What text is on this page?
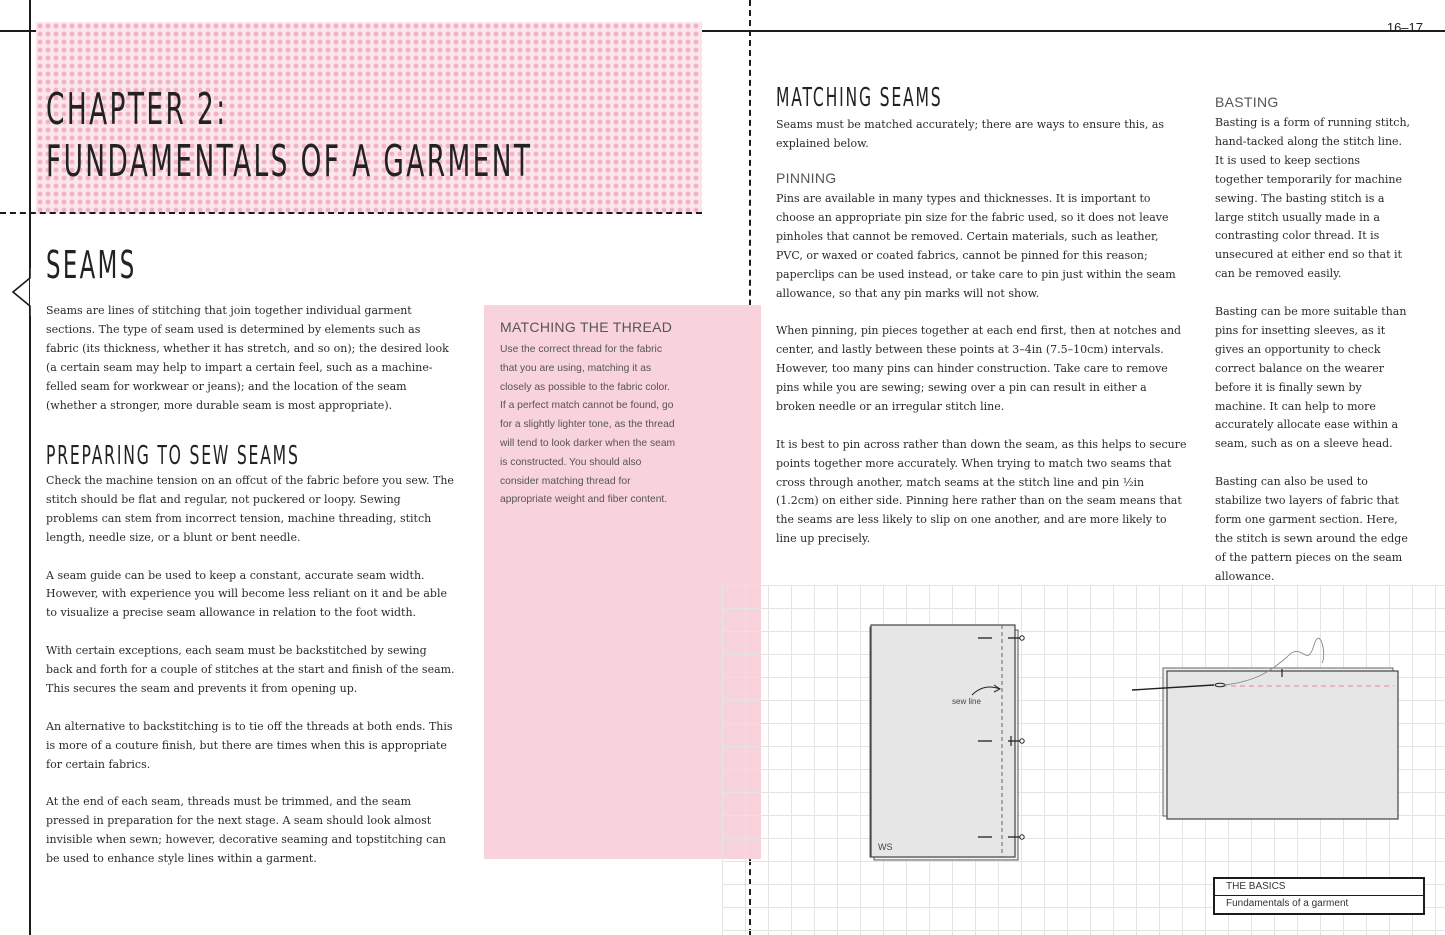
16–17
CHAPTER 2:
FUNDAMENTALS OF A GARMENT
SEAMS

Seams are lines of stitching that join together individual garment sections. The type of seam used is determined by elements such as fabric (its thickness, whether it has stretch, and so on); the desired look (a certain seam may help to impart a certain feel, such as a machine-felled seam for workwear or jeans); and the location of the seam (whether a stronger, more durable seam is most appropriate).

PREPARING TO SEW SEAMS

Check the machine tension on an offcut of the fabric before you sew. The stitch should be flat and regular, not puckered or loopy. Sewing problems can stem from incorrect tension, machine threading, stitch length, needle size, or a blunt or bent needle.

A seam guide can be used to keep a constant, accurate seam width. However, with experience you will become less reliant on it and be able to visualize a precise seam allowance in relation to the foot width.

With certain exceptions, each seam must be backstitched by sewing back and forth for a couple of stitches at the start and finish of the seam. This secures the seam and prevents it from opening up.

An alternative to backstitching is to tie off the threads at both ends. This is more of a couture finish, but there are times when this is appropriate for certain fabrics.

At the end of each seam, threads must be trimmed, and the seam pressed in preparation for the next stage. A seam should look almost invisible when sewn; however, decorative seaming and topstitching can be used to enhance style lines within a garment.

MATCHING THE THREAD

Use the correct thread for the fabric that you are using, matching it as closely as possible to the fabric color. If a perfect match cannot be found, go for a slightly lighter tone, as the thread will tend to look darker when the seam is constructed. You should also consider matching thread for appropriate weight and fiber content.

MATCHING SEAMS

Seams must be matched accurately; there are ways to ensure this, as explained below.

PINNING

Pins are available in many types and thicknesses. It is important to choose an appropriate pin size for the fabric used, so it does not leave pinholes that cannot be removed. Certain materials, such as leather, PVC, or waxed or coated fabrics, cannot be pinned for this reason; paperclips can be used instead, or take care to pin just within the seam allowance, so that any pin marks will not show.

When pinning, pin pieces together at each end first, then at notches and center, and lastly between these points at 3–4in (7.5–10cm) intervals. However, too many pins can hinder construction. Take care to remove pins while you are sewing; sewing over a pin can result in either a broken needle or an irregular stitch line.

It is best to pin across rather than down the seam, as this helps to secure points together more accurately. When trying to match two seams that cross through another, match seams at the stitch line and pin ½in (1.2cm) on either side. Pinning here rather than on the seam means that the seams are less likely to slip on one another, and are more likely to line up precisely.

BASTING

Basting is a form of running stitch, hand-tacked along the stitch line. It is used to keep sections together temporarily for machine sewing. The basting stitch is a large stitch usually made in a contrasting color thread. It is unsecured at either end so that it can be removed easily.

Basting can be more suitable than pins for insetting sleeves, as it gives an opportunity to check correct balance on the wearer before it is finally sewn by machine. It can help to more accurately allocate ease within a seam, such as on a sleeve head.

Basting can also be used to stabilize two layers of fabric that form one garment section. Here, the stitch is sewn around the edge of the pattern pieces on the seam allowance.

sew line
WS
THE BASICS
Fundamentals of a garment
